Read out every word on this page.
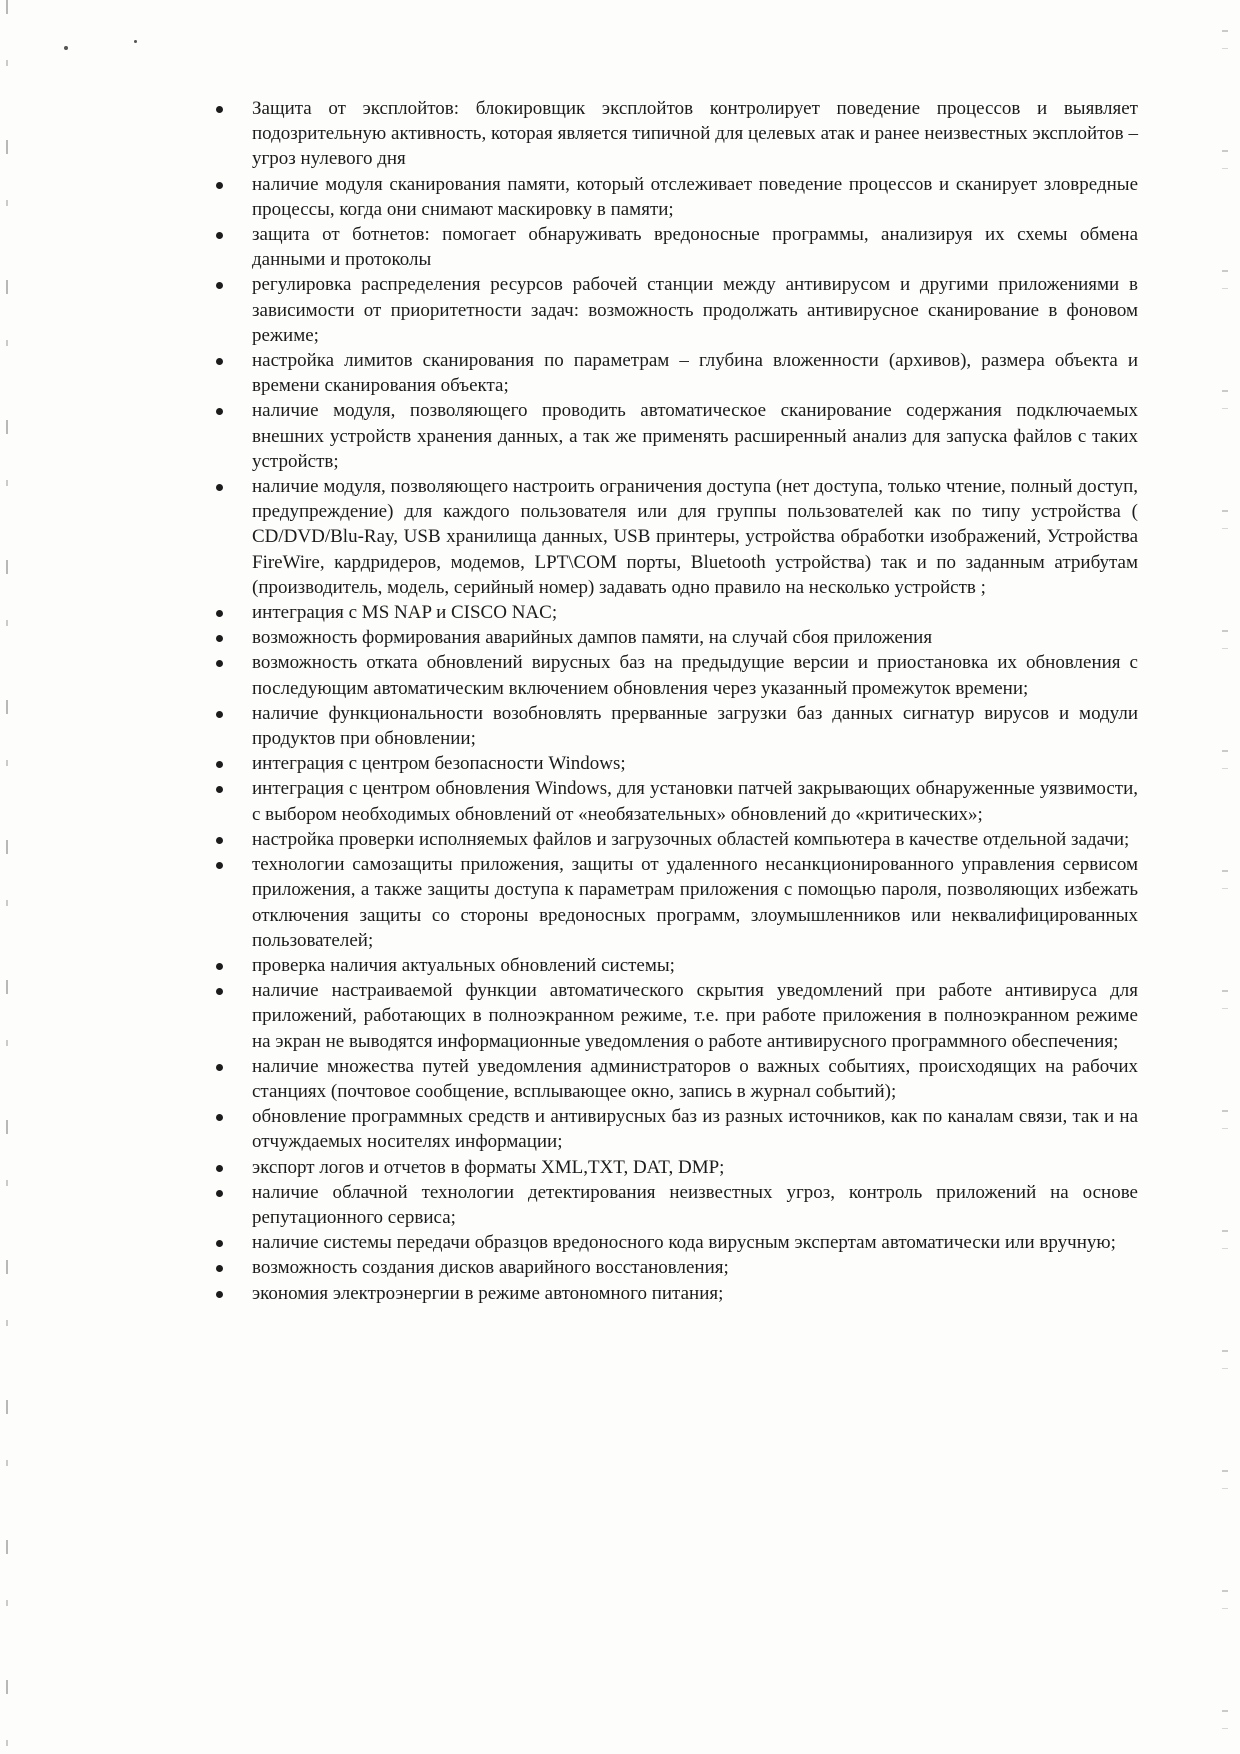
Защита от эксплойтов: блокировщик эксплойтов контролирует поведение процессов и выявляет подозрительную активность, которая является типичной для целевых атак и ранее неизвестных эксплойтов – угроз нулевого дня
наличие модуля сканирования памяти, который отслеживает поведение процессов и сканирует зловредные процессы, когда они снимают маскировку в памяти;
защита от ботнетов: помогает обнаруживать вредоносные программы, анализируя их схемы обмена данными и протоколы
регулировка распределения ресурсов рабочей станции между антивирусом и другими приложениями в зависимости от приоритетности задач: возможность продолжать антивирусное сканирование в фоновом режиме;
настройка лимитов сканирования по параметрам – глубина вложенности (архивов), размера объекта и времени сканирования объекта;
наличие модуля, позволяющего проводить автоматическое сканирование содержания подключаемых внешних устройств хранения данных, а так же применять расширенный анализ для запуска файлов с таких устройств;
наличие модуля, позволяющего настроить ограничения доступа (нет доступа, только чтение, полный доступ, предупреждение) для каждого пользователя или для группы пользователей как по типу устройства ( CD/DVD/Blu-Ray, USB хранилища данных, USB принтеры, устройства обработки изображений, Устройства FireWire, кардридеров, модемов, LPT\COM порты, Bluetooth устройства) так и по заданным атрибутам (производитель, модель, серийный номер) задавать одно правило на несколько устройств ;
интеграция с MS NAP и CISCO NAC;
возможность формирования аварийных дампов памяти, на случай сбоя приложения
возможность отката обновлений вирусных баз на предыдущие версии и приостановка их обновления с последующим автоматическим включением обновления через указанный промежуток времени;
наличие функциональности возобновлять прерванные загрузки баз данных сигнатур вирусов и модули продуктов при обновлении;
интеграция с центром безопасности Windows;
интеграция с центром обновления Windows, для установки патчей закрывающих обнаруженные уязвимости, с выбором необходимых обновлений от «необязательных» обновлений до «критических»;
настройка проверки исполняемых файлов и загрузочных областей компьютера в качестве отдельной задачи;
технологии самозащиты приложения, защиты от удаленного несанкционированного управления сервисом приложения, а также защиты доступа к параметрам приложения с помощью пароля, позволяющих избежать отключения защиты со стороны вредоносных программ, злоумышленников или неквалифицированных пользователей;
проверка наличия актуальных обновлений системы;
наличие настраиваемой функции автоматического скрытия уведомлений при работе антивируса для приложений, работающих в полноэкранном режиме, т.е. при работе приложения в полноэкранном режиме на экран не выводятся информационные уведомления о работе антивирусного программного обеспечения;
наличие множества путей уведомления администраторов о важных событиях, происходящих на рабочих станциях (почтовое сообщение, всплывающее окно, запись в журнал событий);
обновление программных средств и антивирусных баз из разных источников, как по каналам связи, так и на отчуждаемых носителях информации;
экспорт логов и отчетов в форматы XML,TXT, DAT, DMP;
наличие облачной технологии детектирования неизвестных угроз, контроль приложений на основе репутационного сервиса;
наличие системы передачи образцов вредоносного кода вирусным экспертам автоматически или вручную;
возможность создания дисков аварийного восстановления;
экономия электроэнергии в режиме автономного питания;
